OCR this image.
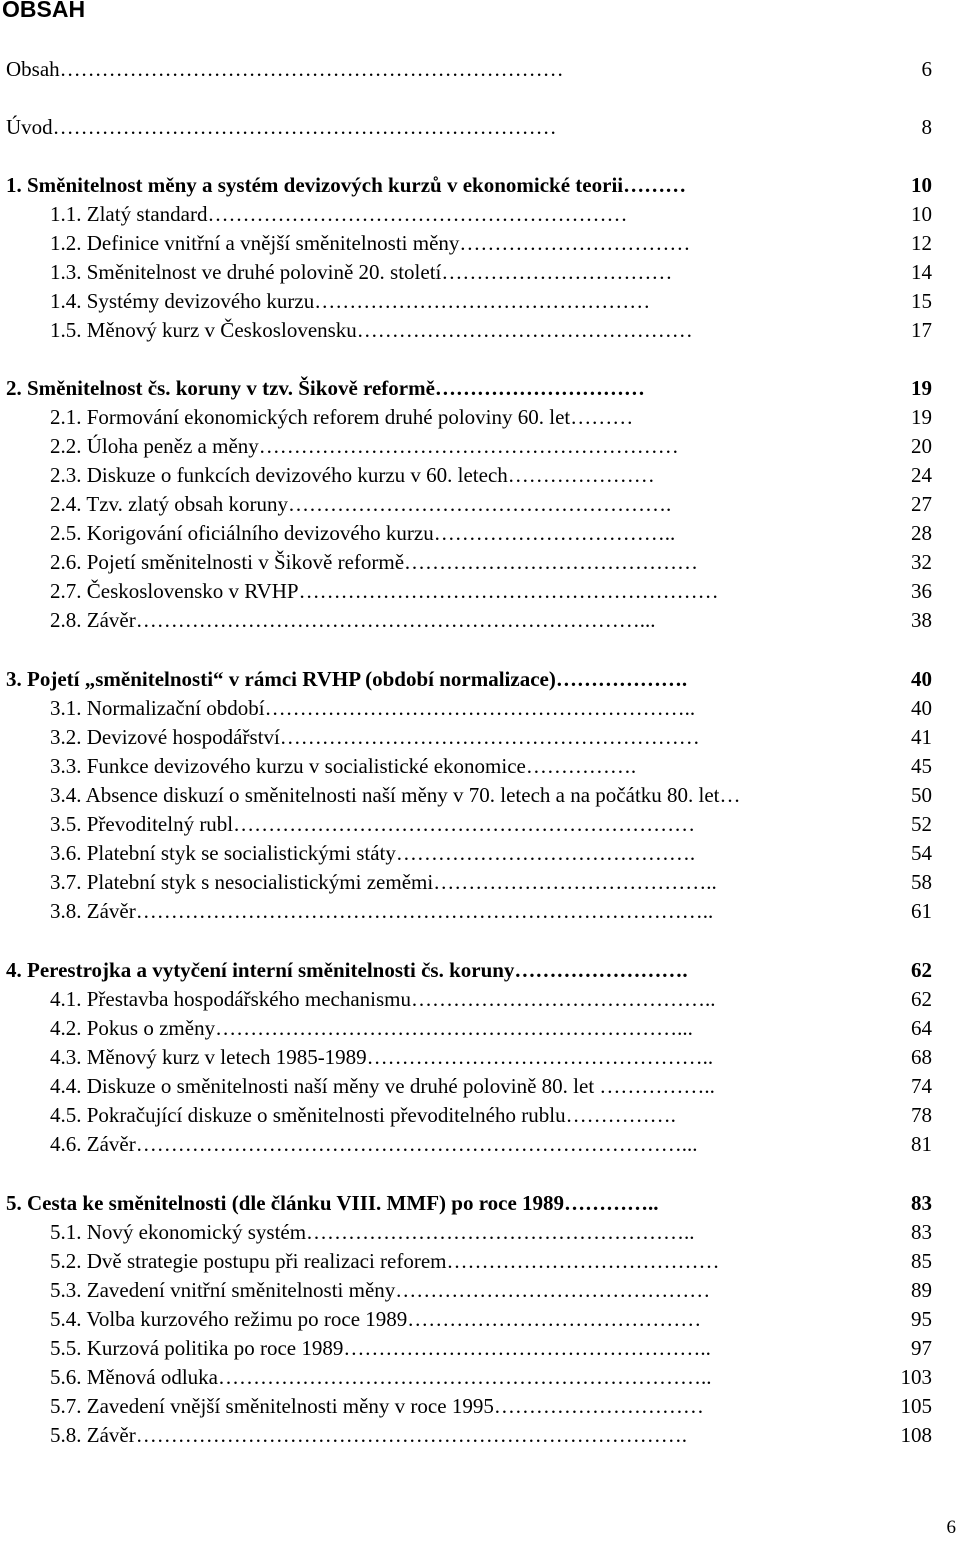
OBSAH
Obsah………………………………………………………………	6
Úvod………………………………………………………………	8
1. Směnitelnost měny a systém devizových kurzů v ekonomické teorii………	10
1.1. Zlatý standard……………………………………………………	10
1.2. Definice vnitřní a vnější směnitelnosti měny……………………………	12
1.3. Směnitelnost ve druhé polovině 20. století……………………………	14
1.4. Systémy devizového kurzu…………………………………………	15
1.5. Měnový kurz v Československu…………………………………………	17
2. Směnitelnost čs. koruny v tzv. Šikově reformě…………………………	19
2.1. Formování ekonomických reforem druhé poloviny 60. let………	19
2.2. Úloha peněz a měny……………………………………………………	20
2.3. Diskuze o funkcích devizového kurzu v 60. letech…………………	24
2.4. Tzv. zlatý obsah koruny……………………………………………….	27
2.5. Korigování oficiálního devizového kurzu……………………………..	28
2.6. Pojetí směnitelnosti v Šikově reformě……………………………………	32
2.7. Československo v RVHP……………………………………………………	36
2.8. Závěr………………………………………………………………...	38
3. Pojetí „směnitelnosti“ v rámci RVHP (období normalizace)……………….	40
3.1. Normalizační období……………………………………………………..	40
3.2. Devizové hospodářství……………………………………………………	41
3.3. Funkce devizového kurzu v socialistické ekonomice…………….	45
3.4. Absence diskuzí o směnitelnosti naší měny v 70. letech a na počátku 80. let…	50
3.5. Převoditelný rubl…………………………………………………………	52
3.6. Platební styk se socialistickými státy…………………………………….	54
3.7. Platební styk s nesocialistickými zeměmi…………………………………..	58
3.8. Závěr………………………………………………………………………..	61
4. Perestrojka a vytyčení interní směnitelnosti čs. koruny…………………….	62
4.1. Přestavba hospodářského mechanismu……………………………………..	62
4.2. Pokus o změny…………………………………………………………...	64
4.3. Měnový kurz v letech 1985-1989…………………………………………..	68
4.4. Diskuze o směnitelnosti naší měny ve druhé polovině 80. let ……………..	74
4.5. Pokračující diskuze o směnitelnosti převoditelného rublu…………….	78
4.6. Závěr……………………………………………………………………...	81
5. Cesta ke směnitelnosti (dle článku VIII. MMF) po roce 1989…………..	83
5.1. Nový ekonomický systém………………………………………………..	83
5.2. Dvě strategie postupu při realizaci reforem…………………………………	85
5.3. Zavedení vnitřní směnitelnosti měny………………………………………	89
5.4. Volba kurzového režimu po roce 1989……………………………………	95
5.5. Kurzová politika po roce 1989……………………………………………..	97
5.6. Měnová odluka……………………………………………………………..	103
5.7. Zavedení vnější směnitelnosti měny v roce 1995…………………………	105
5.8. Závěr…………………………………………………………………….	108
6
